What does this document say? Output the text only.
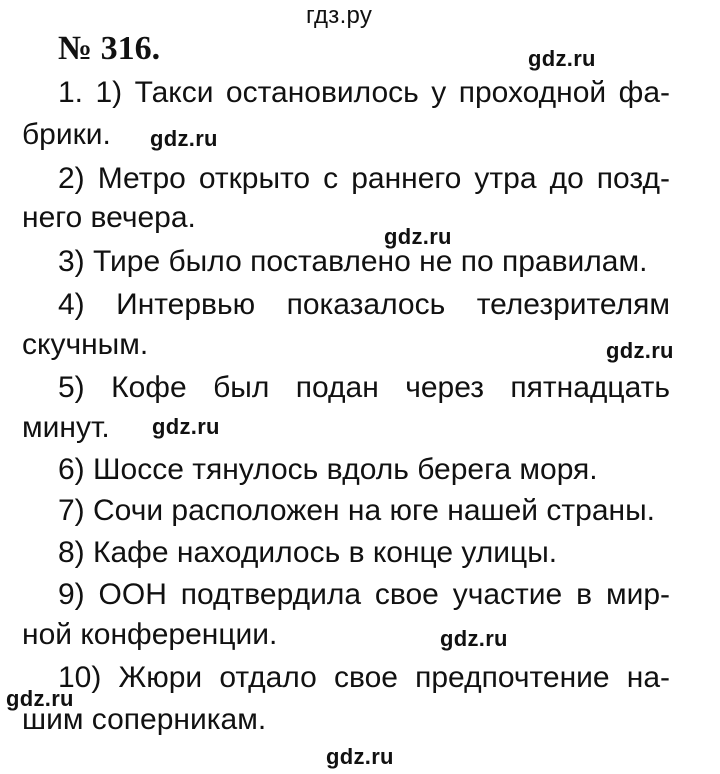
гдз.ру
№ 316.	gdz.ru
1. 1) Такси остановилось у проходной фа-
брики. gdz.ru
2) Метро открыто с раннего утра до позд-
него вечера.
gdz.ru
3) Тире было поставлено не по правилам.
4) Интервью показалось телезрителям
скучным.	gdz.ru
5) Кофе был подан через пятнадцать
минут. gdz.ru
6) Шоссе тянулось вдоль берега моря.
7) Сочи расположен на юге нашей страны.
8) Кафе находилось в конце улицы.
9) ООН подтвердила свое участие в мир-
ной конференции.	gdz.ru
10) Жюри отдало свое предпочтение на-
gdz.ru
шим соперникам.
gdz.ru
